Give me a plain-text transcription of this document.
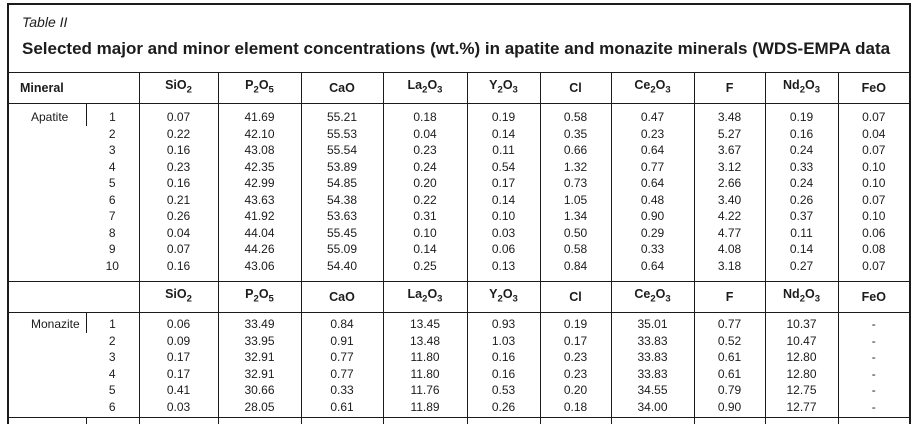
Table II

Selected major and minor element concentrations (wt.%) in apatite and monazite minerals (WDS-EMPA data

Mineral		SiO$_2$	$P_2O_5$	CaO	$La_2O_3$	$Y_2O_3$	Cl	$Ce_2O_3$	F	$Nd_2O_3$	FeO
Apatite	1	0.07	41.69	55.21	0.18	0.19	0.58	0.47	3.48	0.19	0.07
	2	0.22	42.10	55.53	0.04	0.14	0.35	0.23	5.27	0.16	0.04
	3	0.16	43.08	55.54	0.23	0.11	0.66	0.64	3.67	0.24	0.07
	4	0.23	42.35	53.89	0.24	0.54	1.32	0.77	3.12	0.33	0.10
	5	0.16	42.99	54.85	0.20	0.17	0.73	0.64	2.66	0.24	0.10
	6	0.21	43.63	54.38	0.22	0.14	1.05	0.48	3.40	0.26	0.07
	7	0.26	41.92	53.63	0.31	0.10	1.34	0.90	4.22	0.37	0.10
	8	0.04	44.04	55.45	0.10	0.03	0.50	0.29	4.77	0.11	0.06
	9	0.07	44.26	55.09	0.14	0.06	0.58	0.33	4.08	0.14	0.08
	10	0.16	43.06	54.40	0.25	0.13	0.84	0.64	3.18	0.27	0.07
		SiO$_2$	$P_2O_5$	CaO	$La_2O_3$	$Y_2O_3$	Cl	$Ce_2O_3$	F	$Nd_2O_3$	FeO
Monazite	1	0.06	33.49	0.84	13.45	0.93	0.19	35.01	0.77	10.37	-
	2	0.09	33.95	0.91	13.48	1.03	0.17	33.83	0.52	10.47	-
	3	0.17	32.91	0.77	11.80	0.16	0.23	33.83	0.61	12.80	-
	4	0.17	32.91	0.77	11.80	0.16	0.23	33.83	0.61	12.80	-
	5	0.41	30.66	0.33	11.76	0.53	0.20	34.55	0.79	12.75	-
	6	0.03	28.05	0.61	11.89	0.26	0.18	34.00	0.90	12.77	-
